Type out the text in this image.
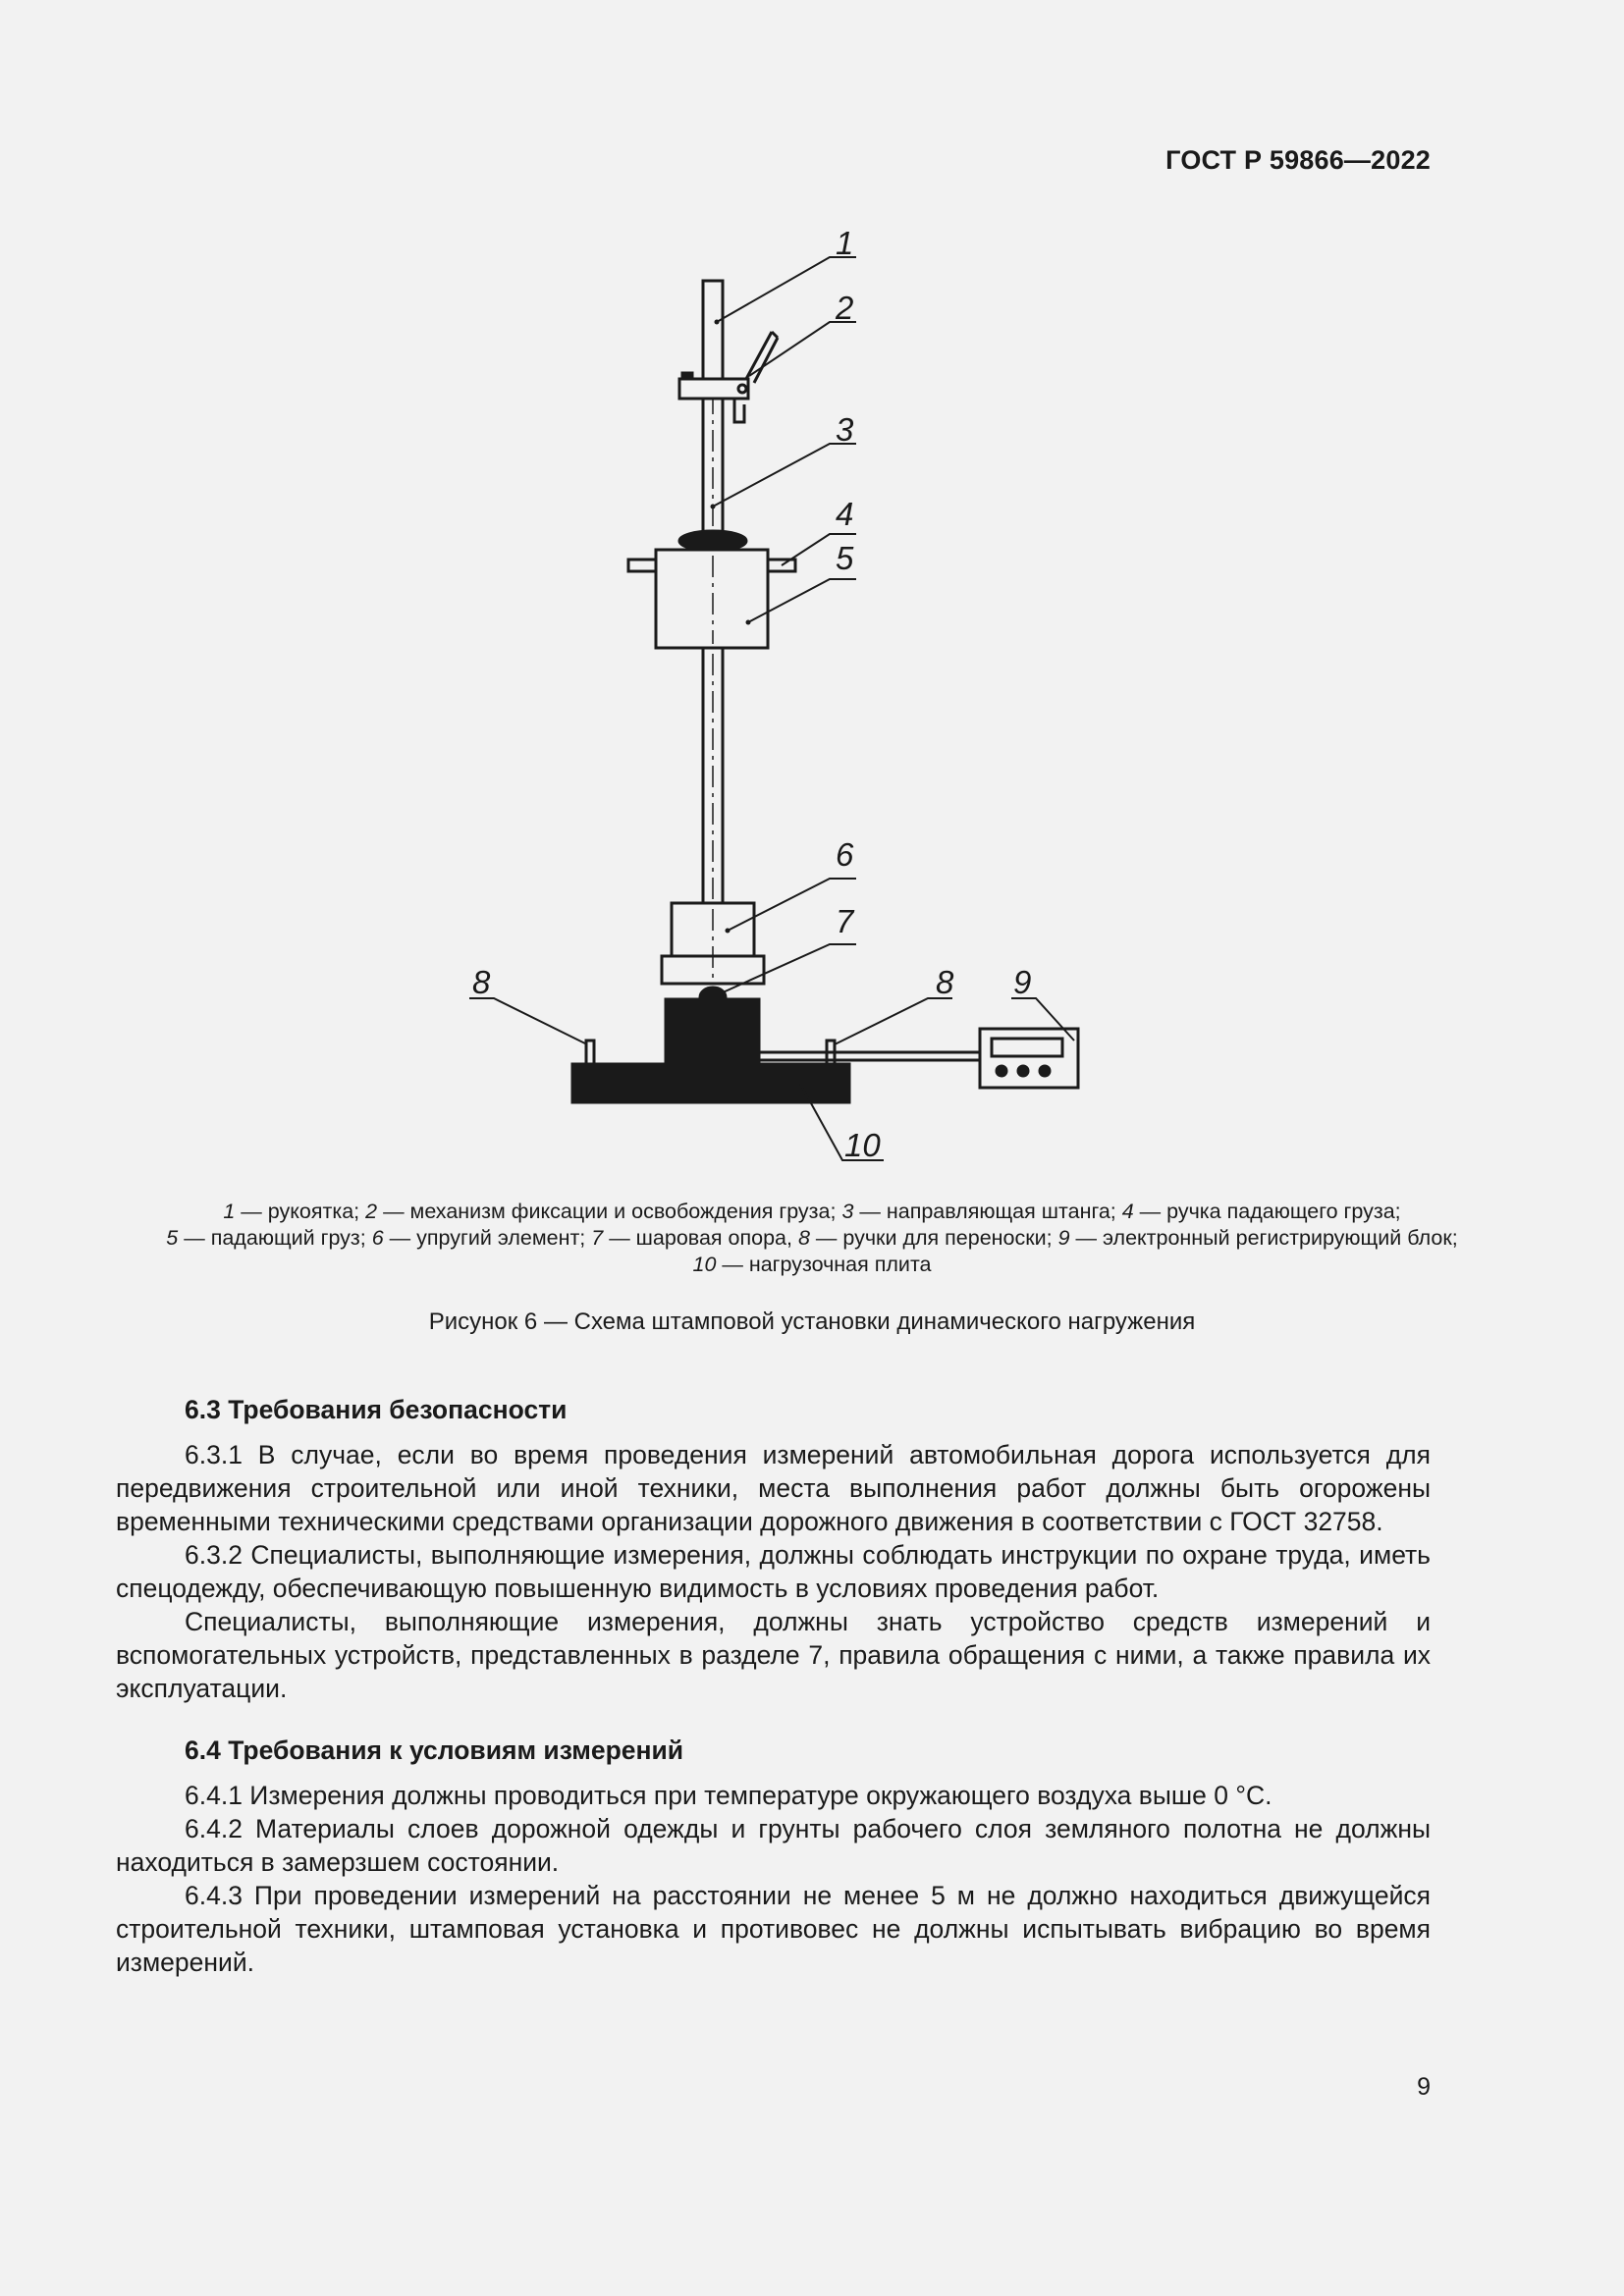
ГОСТ Р 59866—2022
1
2
3
4
5
6
7
8	8 9
10
1 — рукоятка; 2 — механизм фиксации и освобождения груза; 3 — направляющая штанга; 4 — ручка падающего груза;
5 — падающий груз; 6 — упругий элемент; 7 — шаровая опора, 8 — ручки для переноски; 9 — электронный регистрирующий блок;
10 — нагрузочная плита
Рисунок 6 — Схема штамповой установки динамического нагружения
6.3 Требования безопасности

6.3.1 В случае, если во время проведения измерений автомобильная дорога используется для передвижения строительной или иной техники, места выполнения работ должны быть огорожены временными техническими средствами организации дорожного движения в соответствии с ГОСТ 32758.

6.3.2 Специалисты, выполняющие измерения, должны соблюдать инструкции по охране труда, иметь спецодежду, обеспечивающую повышенную видимость в условиях проведения работ.

Специалисты, выполняющие измерения, должны знать устройство средств измерений и вспомогательных устройств, представленных в разделе 7, правила обращения с ними, а также правила их эксплуатации.

6.4 Требования к условиям измерений

6.4.1 Измерения должны проводиться при температуре окружающего воздуха выше 0 °C.

6.4.2 Материалы слоев дорожной одежды и грунты рабочего слоя земляного полотна не должны находиться в замерзшем состоянии.

6.4.3 При проведении измерений на расстоянии не менее 5 м не должно находиться движущейся строительной техники, штамповая установка и противовес не должны испытывать вибрацию во время измерений.

9
